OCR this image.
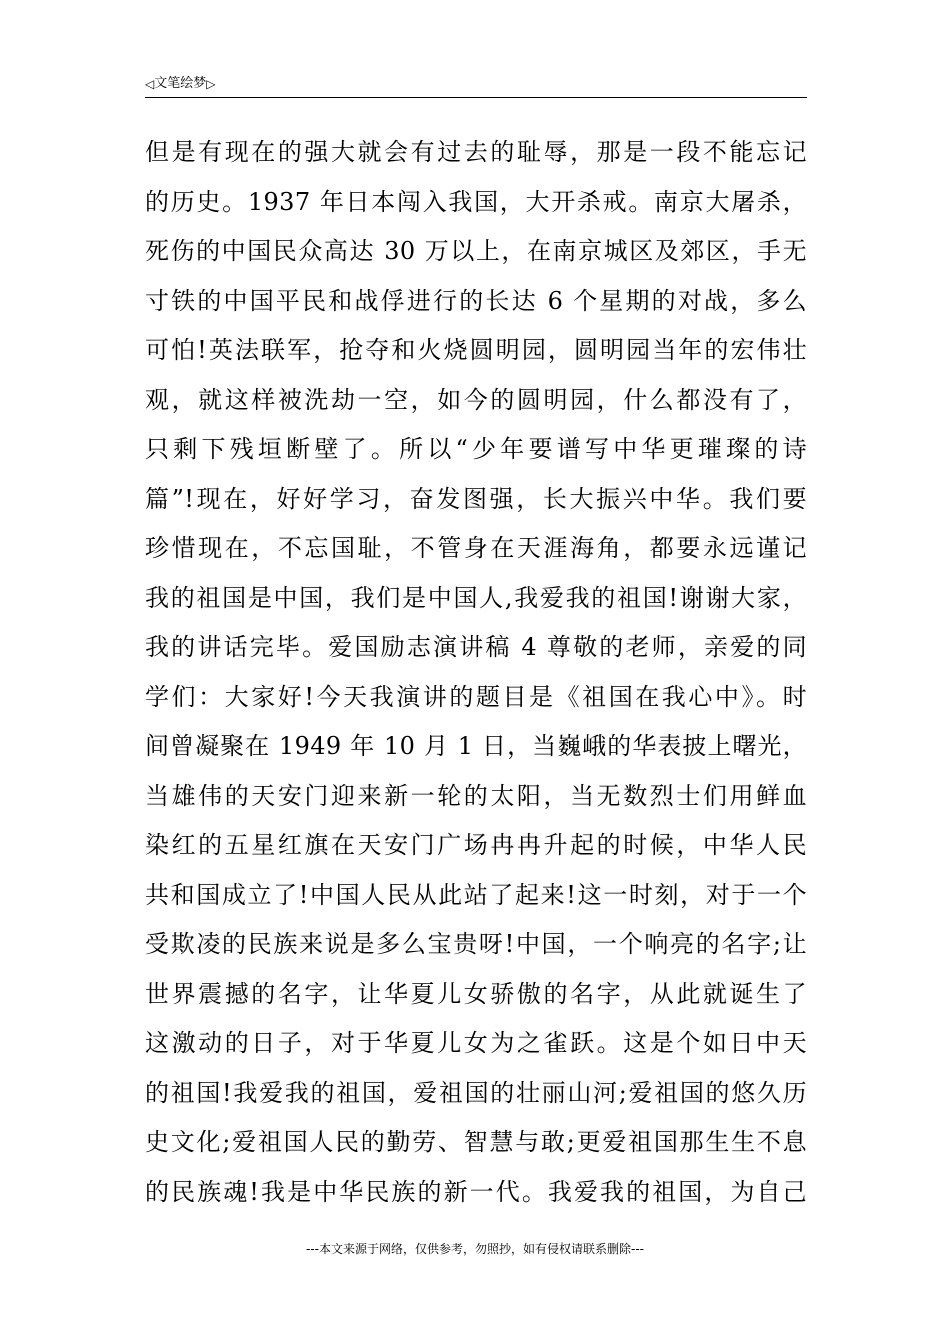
◁ 文笔绘梦 ▷
但是有现在的强大就会有过去的耻辱，那是一段不能忘记
的历史。1937 年日本闯入我国，大开杀戒。南京大屠杀，
死伤的中国民众高达 30 万以上，在南京城区及郊区，手无
寸铁的中国平民和战俘进行的长达 6 个星期的对战，多么
可怕!英法联军，抢夺和火烧圆明园，圆明园当年的宏伟壮
观，就这样被洗劫一空，如今的圆明园，什么都没有了，
只剩下残垣断壁了。所以“少年要谱写中华更璀璨的诗
篇”!现在，好好学习，奋发图强，长大振兴中华。我们要
珍惜现在，不忘国耻，不管身在天涯海角，都要永远谨记
我的祖国是中国，我们是中国人,我爱我的祖国!谢谢大家，
我的讲话完毕。爱国励志演讲稿 4 尊敬的老师，亲爱的同
学们：大家好!今天我演讲的题目是《祖国在我心中》。时
间曾凝聚在 1949 年 10 月 1 日，当巍峨的华表披上曙光，
当雄伟的天安门迎来新一轮的太阳，当无数烈士们用鲜血
染红的五星红旗在天安门广场冉冉升起的时候，中华人民
共和国成立了!中国人民从此站了起来!这一时刻，对于一个
受欺凌的民族来说是多么宝贵呀!中国，一个响亮的名字;让
世界震撼的名字，让华夏儿女骄傲的名字，从此就诞生了
这激动的日子，对于华夏儿女为之雀跃。这是个如日中天
的祖国!我爱我的祖国，爱祖国的壮丽山河;爱祖国的悠久历
史文化;爱祖国人民的勤劳、智慧与敢;更爱祖国那生生不息
的民族魂!我是中华民族的新一代。我爱我的祖国，为自己
---本文来源于网络，仅供参考，勿照抄，如有侵权请联系删除---
